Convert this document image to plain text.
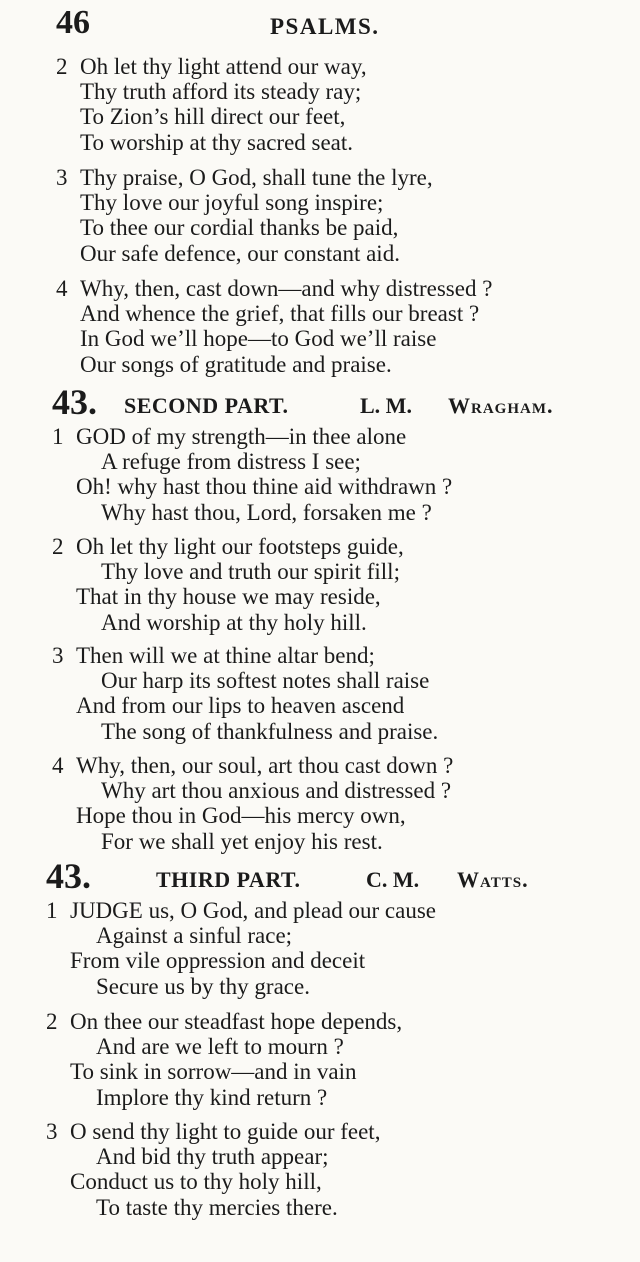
46	PSALMS.
2 Oh let thy light attend our way,
Thy truth afford its steady ray;
To Zion’s hill direct our feet,
To worship at thy sacred seat.
3 Thy praise, O God, shall tune the lyre,
Thy love our joyful song inspire;
To thee our cordial thanks be paid,
Our safe defence, our constant aid.
4 Why, then, cast down—and why distressed ?
And whence the grief, that fills our breast ?
In God we’ll hope—to God we’ll raise
Our songs of gratitude and praise.
43. SECOND PART.	L. M. Wragham.
1 GOD of my strength—in thee alone
A refuge from distress I see;
Oh! why hast thou thine aid withdrawn ?
Why hast thou, Lord, forsaken me ?
2 Oh let thy light our footsteps guide,
Thy love and truth our spirit fill;
That in thy house we may reside,
And worship at thy holy hill.
3 Then will we at thine altar bend;
Our harp its softest notes shall raise
And from our lips to heaven ascend
The song of thankfulness and praise.
4 Why, then, our soul, art thou cast down ?
Why art thou anxious and distressed ?
Hope thou in God—his mercy own,
For we shall yet enjoy his rest.
43.	THIRD PART.	C. M. Watts.
1 JUDGE us, O God, and plead our cause
Against a sinful race;
From vile oppression and deceit
Secure us by thy grace.
2 On thee our steadfast hope depends,
And are we left to mourn ?
To sink in sorrow—and in vain
Implore thy kind return ?
3 O send thy light to guide our feet,
And bid thy truth appear;
Conduct us to thy holy hill,
To taste thy mercies there.
